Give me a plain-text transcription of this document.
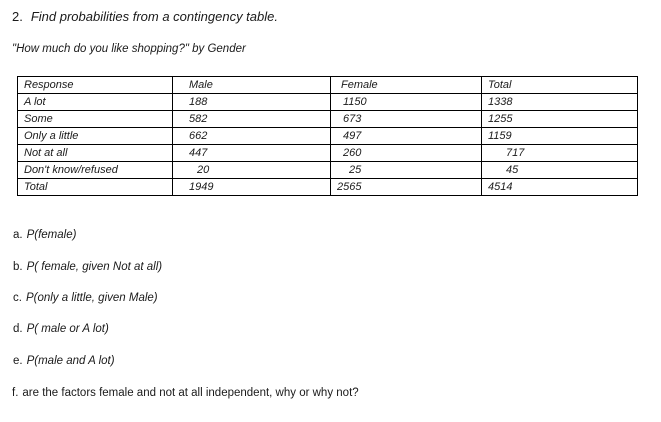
2. Find probabilities from a contingency table.
"How much do you like shopping?" by Gender
Response	Male	Female	Total
A lot	188	1150	1338
Some	582	673	1255
Only a little	662	497	1159
Not at all	447	260	717
Don't know/refused	20	25	45
Total	1949	2565	4514
a. P(female)
b. P( female, given Not at all)
c. P(only a little, given Male)
d. P( male or A lot)
e. P(male and A lot)
f. are the factors female and not at all independent, why or why not?
